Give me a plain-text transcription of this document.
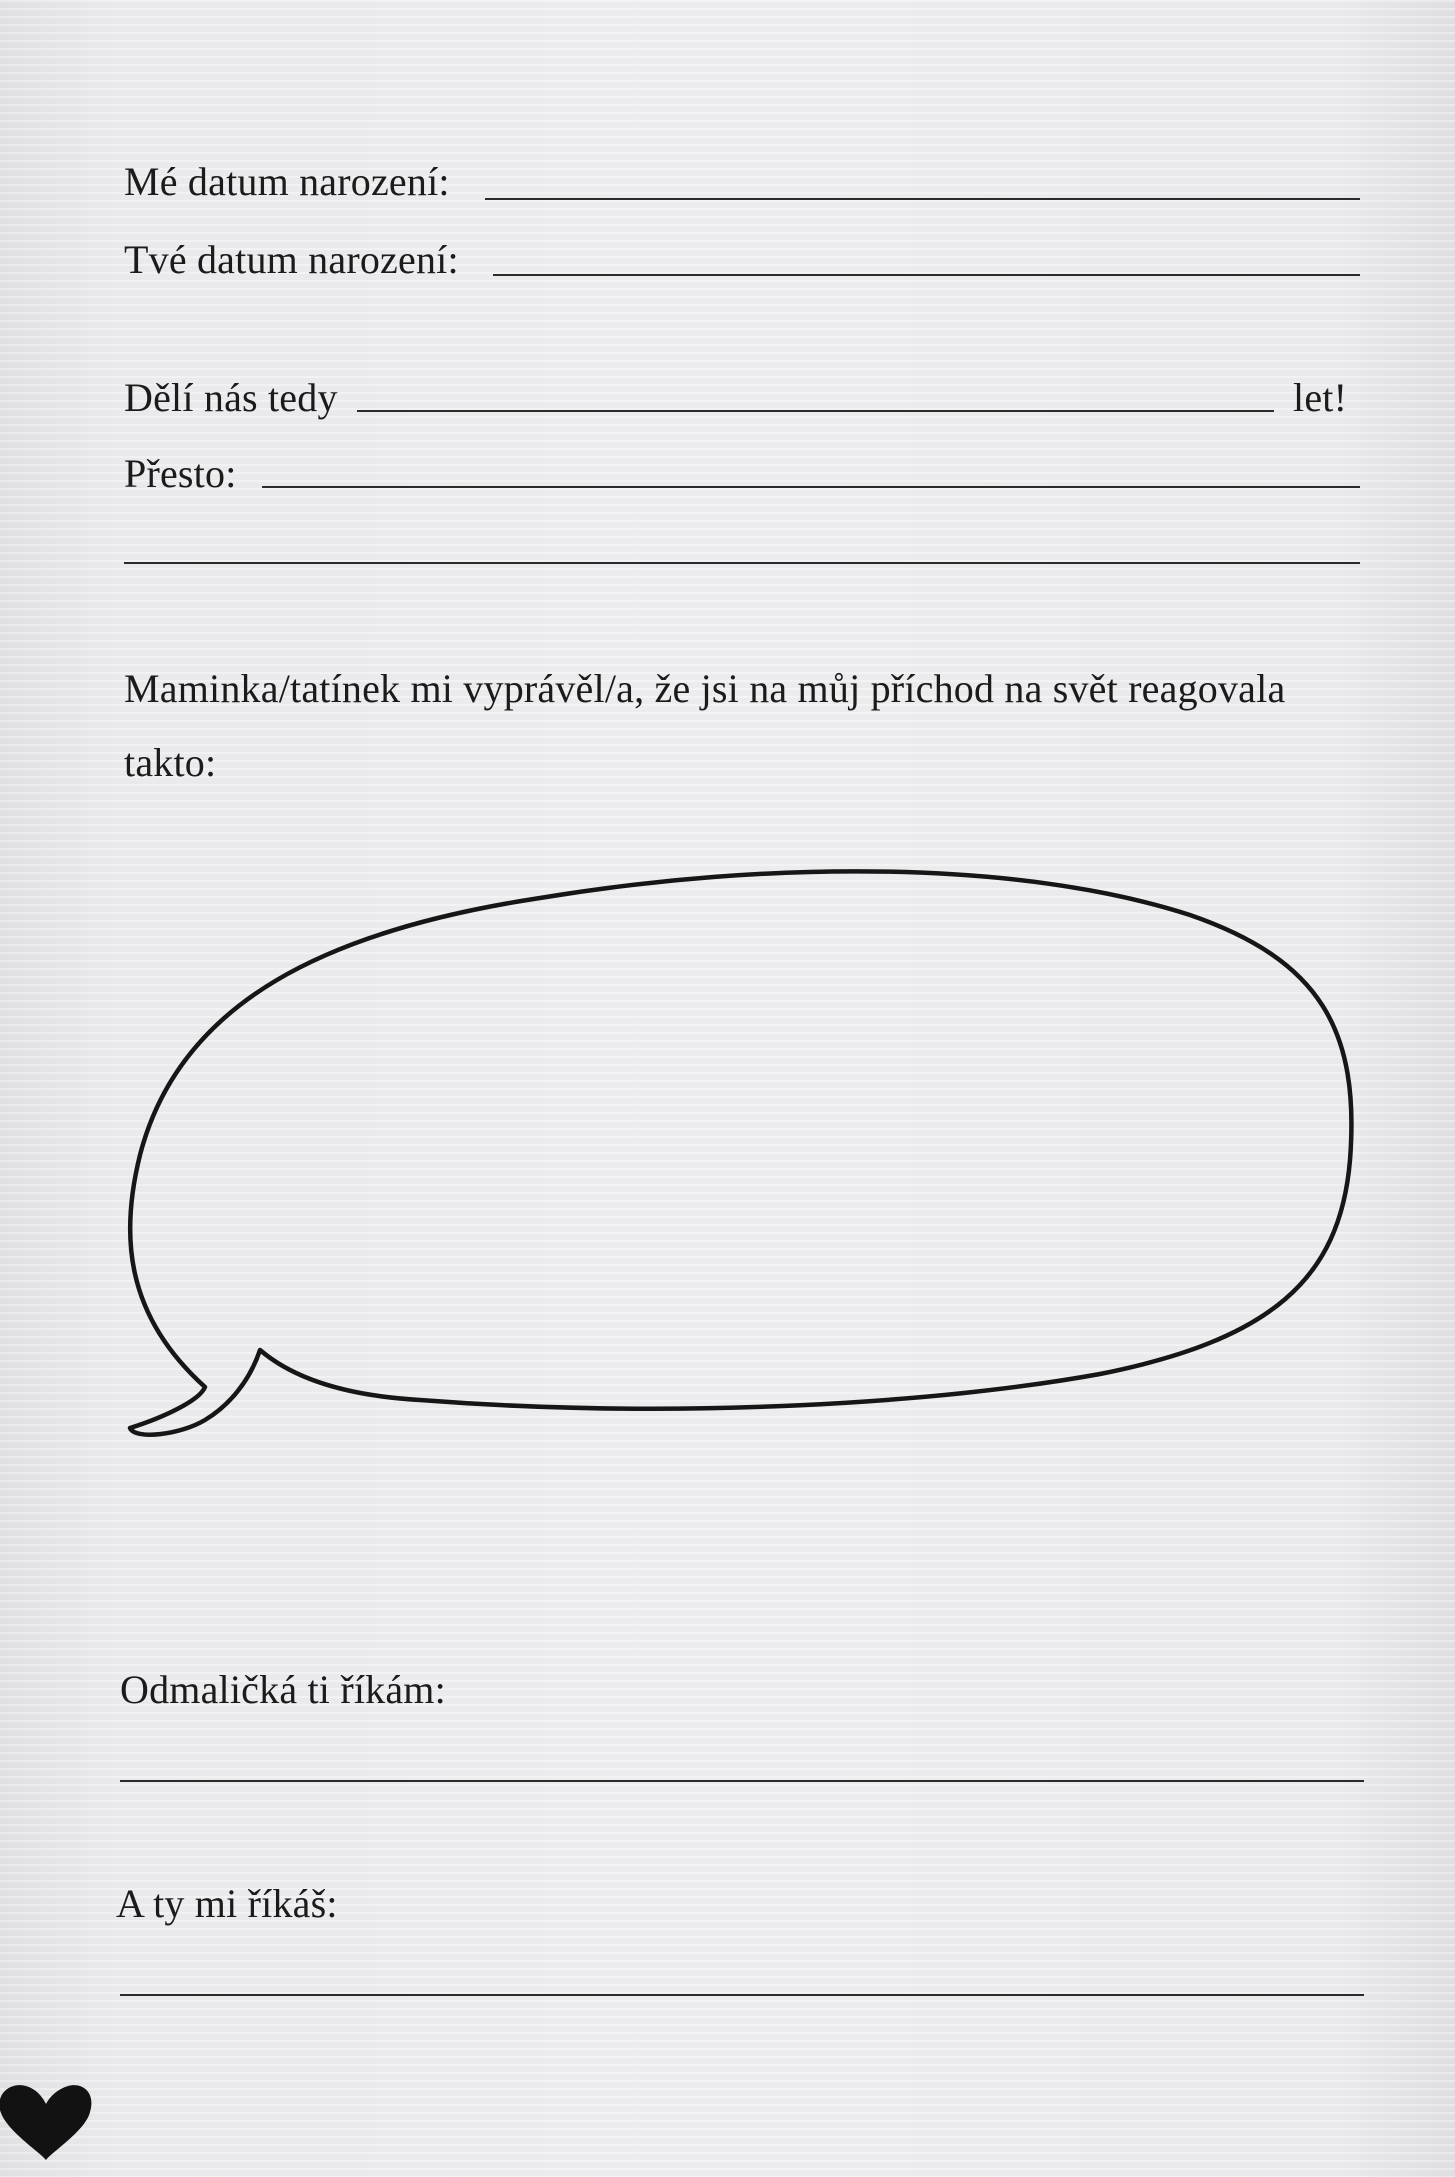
Mé datum narození:
Tvé datum narození:
Dělí nás tedy	let!
Přesto:
Maminka/tatínek mi vyprávěl/a, že jsi na můj příchod na svět reagovala takto:
Odmaličká ti říkám:
A ty mi říkáš:
